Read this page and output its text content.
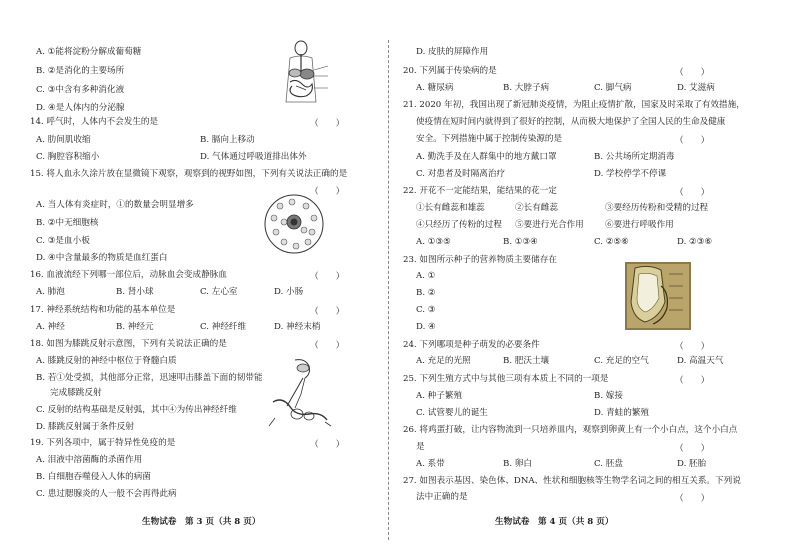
A. ①能将淀粉分解成葡萄糖
B. ②是消化的主要场所
C. ③中含有多种消化液
D. ④是人体内的分泌腺
14. 呼气时，人体内不会发生的是	（　　）
A. 肋间肌收缩	B. 膈向上移动
C. 胸腔容积缩小	D. 气体通过呼吸道排出体外
15. 将人血永久涂片放在显微镜下观察，观察到的视野如图，下列有关说法正确的是
（　　）
A. 当人体有炎症时，①的数量会明显增多
B. ②中无细胞核
C. ③是血小板
D. ④中含量最多的物质是血红蛋白
16. 血液流经下列哪一部位后，动脉血会变成静脉血	（　　）
A. 肺泡	B. 肾小球	C. 左心室	D. 小肠
17. 神经系统结构和功能的基本单位是	（　　）
A. 神经	B. 神经元	C. 神经纤维	D. 神经末梢
18. 如图为膝跳反射示意图，下列有关说法正确的是	（　　）
A. 膝跳反射的神经中枢位于脊髓白质
B. 若①处受损，其他部分正常，迅速叩击膝盖下面的韧带能
完成膝跳反射
C. 反射的结构基础是反射弧，其中④为传出神经纤维
D. 膝跳反射属于条件反射
19. 下列各项中，属于特异性免疫的是	（　　）
A. 泪液中溶菌酶的杀菌作用
B. 白细胞吞噬侵入人体的病菌
C. 患过腮腺炎的人一般不会再得此病
生物试卷　第 3 页（共 8 页）
D. 皮肤的屏障作用
20. 下列属于传染病的是	（　　）
A. 糖尿病	B. 大脖子病	C. 脚气病	D. 艾滋病
21. 2020 年初，我国出现了新冠肺炎疫情，为阻止疫情扩散，国家及时采取了有效措施，
使疫情在短时间内就得到了很好的控制，从而极大地保护了全国人民的生命及健康
安全。下列措施中属于控制传染源的是	（　　）
A. 勤洗手及在人群集中的地方戴口罩	B. 公共场所定期消毒
C. 对患者及时隔离治疗	D. 学校停学不停课
22. 开花不一定能结果，能结果的花一定	（　　）
①长有雌蕊和雄蕊	②长有雌蕊	③要经历传粉和受精的过程
④只经历了传粉的过程 ⑤要进行光合作用 ⑥要进行呼吸作用
A. ①③⑤	B. ①③④	C. ②⑤⑥	D. ②③⑥
23. 如图所示种子的营养物质主要储存在
A. ①
B. ②
C. ③
D. ④
24. 下列哪项是种子萌发的必要条件	（　　）
A. 充足的光照	B. 肥沃土壤	C. 充足的空气	D. 高温天气
25. 下列生殖方式中与其他三项有本质上不同的一项是	（　　）
A. 种子繁殖	B. 嫁接
C. 试管婴儿的诞生	D. 青蛙的繁殖
26. 将鸡蛋打破，让内容物流到一只培养皿内，观察到卵黄上有一个小白点，这个小白点
是	（　　）
A. 系带	B. 卵白	C. 胚盘	D. 胚胎
27. 如图表示基因、染色体、DNA、性状和细胞核等生物学名词之间的相互关系。下列说
法中正确的是	（　　）
生物试卷　第 4 页（共 8 页）
